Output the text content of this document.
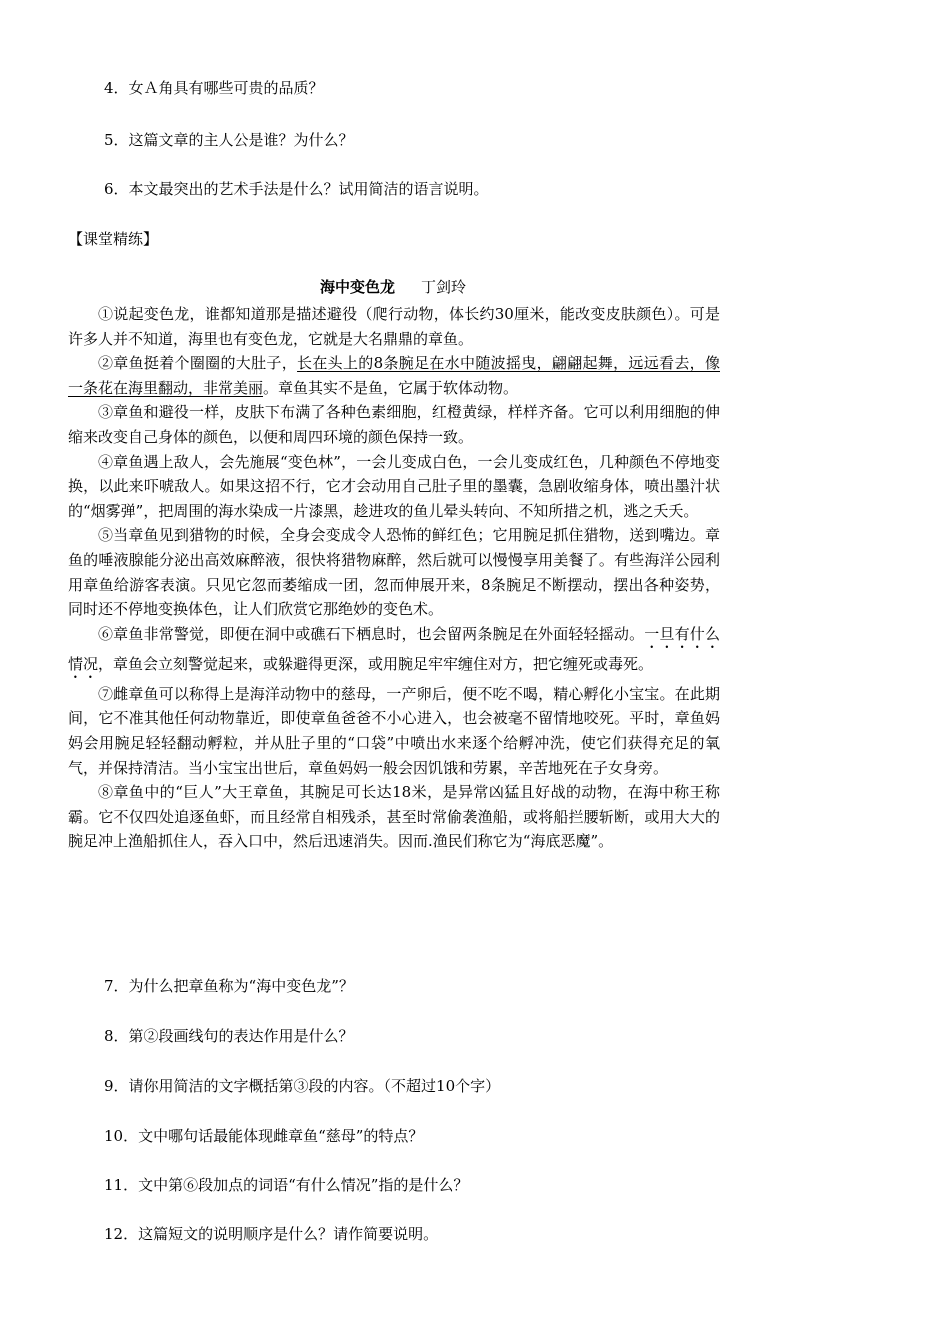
4．女Ａ角具有哪些可贵的品质？
5．这篇文章的主人公是谁？为什么？
6．本文最突出的艺术手法是什么？试用简洁的语言说明。
【课堂精练】
海中变色龙 丁剑玲

①说起变色龙，谁都知道那是描述避役（爬行动物，体长约30厘米，能改变皮肤颜色）。可是许多人并不知道，海里也有变色龙，它就是大名鼎鼎的章鱼。

②章鱼挺着个圈圈的大肚子，长在头上的8条腕足在水中随波摇曳，翩翩起舞，远远看去，像一条花在海里翻动，非常美丽。章鱼其实不是鱼，它属于软体动物。

③章鱼和避役一样，皮肤下布满了各种色素细胞，红橙黄绿，样样齐备。它可以利用细胞的伸缩来改变自己身体的颜色，以便和周四环境的颜色保持一致。

④章鱼遇上敌人，会先施展“变色林”，一会儿变成白色，一会儿变成红色，几种颜色不停地变换，以此来吓唬敌人。如果这招不行，它才会动用自己肚子里的墨囊，急剧收缩身体，喷出墨汁状的“烟雾弹”，把周围的海水染成一片漆黑，趁进攻的鱼儿晕头转向、不知所措之机，逃之夭夭。

⑤当章鱼见到猎物的时候，全身会变成令人恐怖的鲜红色；它用腕足抓住猎物，送到嘴边。章鱼的唾液腺能分泌出高效麻醉液，很快将猎物麻醉，然后就可以慢慢享用美餐了。有些海洋公园利用章鱼给游客表演。只见它忽而萎缩成一团，忽而伸展开来，8条腕足不断摆动，摆出各种姿势，同时还不停地变换体色，让人们欣赏它那绝妙的变色术。

⑥章鱼非常警觉，即便在洞中或礁石下栖息时，也会留两条腕足在外面轻轻摇动。一旦有什么情况，章鱼会立刻警觉起来，或躲避得更深，或用腕足牢牢缠住对方，把它缠死或毒死。

⑦雌章鱼可以称得上是海洋动物中的慈母，一产卵后，便不吃不喝，精心孵化小宝宝。在此期间，它不准其他任何动物靠近，即使章鱼爸爸不小心进入，也会被毫不留情地咬死。平时，章鱼妈妈会用腕足轻轻翻动孵粒，并从肚子里的“口袋”中喷出水来逐个给孵冲洗，使它们获得充足的氧气，并保持清洁。当小宝宝出世后，章鱼妈妈一般会因饥饿和劳累，辛苦地死在子女身旁。

⑧章鱼中的“巨人”大王章鱼，其腕足可长达18米，是异常凶猛且好战的动物，在海中称王称霸。它不仅四处追逐鱼虾，而且经常自相残杀，甚至时常偷袭渔船，或将船拦腰斩断，或用大大的腕足冲上渔船抓住人，吞入口中，然后迅速消失。因而.渔民们称它为“海底恶魔”。

7．为什么把章鱼称为“海中变色龙”？
8．第②段画线句的表达作用是什么？
9．请你用简洁的文字概括第③段的内容。（不超过10个字）
10．文中哪句话最能体现雌章鱼“慈母”的特点？
11．文中第⑥段加点的词语“有什么情况”指的是什么？
12．这篇短文的说明顺序是什么？请作简要说明。
